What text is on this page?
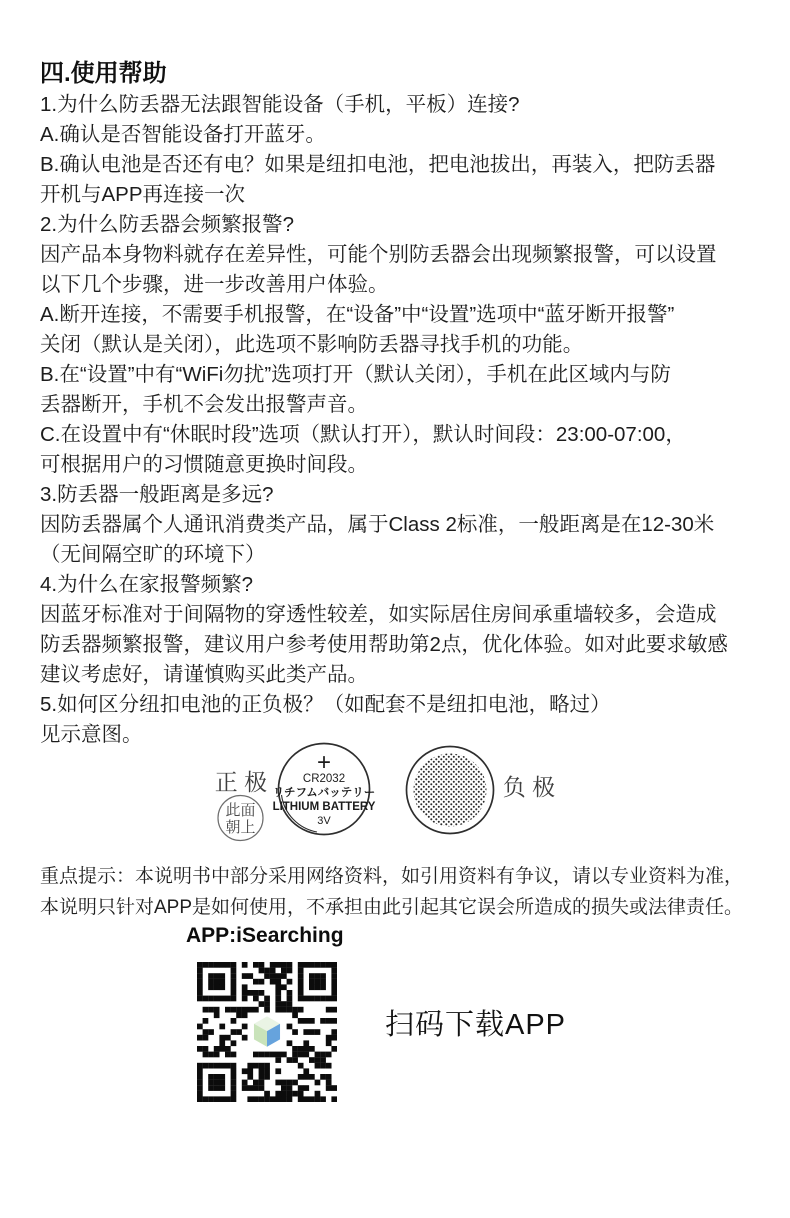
四.使用帮助
1.为什么防丢器无法跟智能设备（手机，平板）连接?
A.确认是否智能设备打开蓝牙。
B.确认电池是否还有电？如果是纽扣电池，把电池拔出，再装入，把防丢器
开机与APP再连接一次
2.为什么防丢器会频繁报警?
因产品本身物料就存在差异性，可能个别防丢器会出现频繁报警，可以设置
以下几个步骤，进一步改善用户体验。
A.断开连接，不需要手机报警，在“设备”中“设置”选项中“蓝牙断开报警”
关闭（默认是关闭），此选项不影响防丢器寻找手机的功能。
B.在“设置”中有“WiFi勿扰”选项打开（默认关闭），手机在此区域内与防
丢器断开，手机不会发出报警声音。
C.在设置中有“休眠时段”选项（默认打开），默认时间段：23:00-07:00，
可根据用户的习惯随意更换时间段。
3.防丢器一般距离是多远?
因防丢器属个人通讯消费类产品，属于Class 2标准，一般距离是在12-30米
（无间隔空旷的环境下）
4.为什么在家报警频繁?
因蓝牙标准对于间隔物的穿透性较差，如实际居住房间承重墙较多，会造成
防丢器频繁报警，建议用户参考使用帮助第2点，优化体验。如对此要求敏感
建议考虑好，请谨慎购买此类产品。
5.如何区分纽扣电池的正负极？（如配套不是纽扣电池，略过）
见示意图。
正 极
此面
朝上
+
CR2032
リチフムバッテリー
LITHIUM BATTERY
3V
负 极
重点提示：本说明书中部分采用网络资料，如引用资料有争议，请以专业资料为准，
本说明只针对APP是如何使用，不承担由此引起其它误会所造成的损失或法律责任。
APP:iSearching
扫码下载APP
